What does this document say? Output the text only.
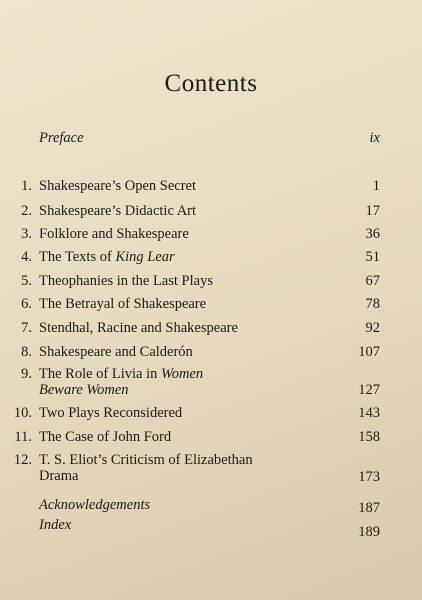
Contents
Preface	ix
1. Shakespeare’s Open Secret	1
2. Shakespeare’s Didactic Art	17
3. Folklore and Shakespeare	36
4. The Texts of King Lear	51
5. Theophanies in the Last Plays	67
6. The Betrayal of Shakespeare	78
7. Stendhal, Racine and Shakespeare	92
8. Shakespeare and Calderón	107
9. The Role of Livia in Women
Beware Women	127
10. Two Plays Reconsidered	143
11. The Case of John Ford	158
12. T. S. Eliot’s Criticism of Elizabethan
Drama	173
Acknowledgements	187
Index	189
